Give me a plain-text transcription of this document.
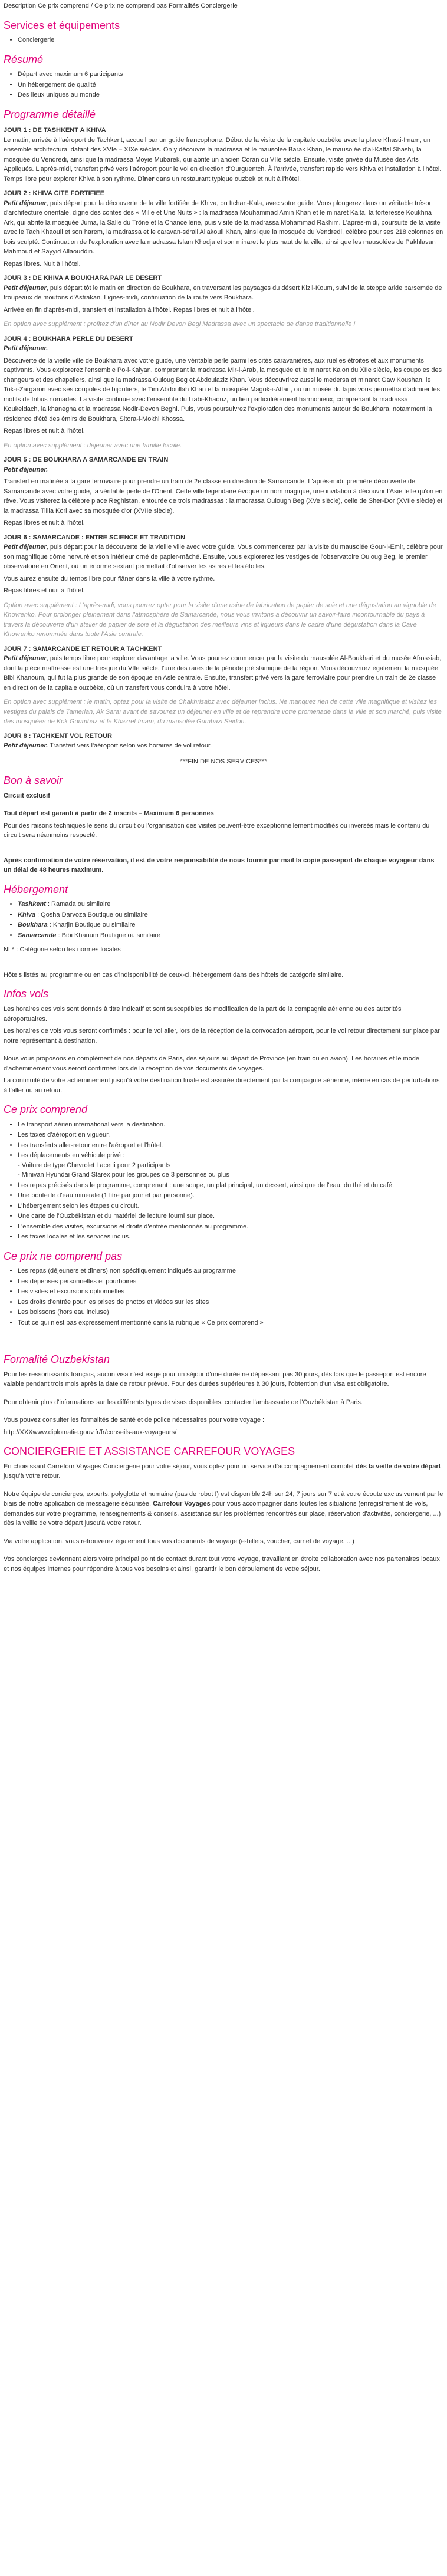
Description Ce prix comprend / Ce prix ne comprend pas Formalités Conciergerie

Services et équipements
• Conciergerie
Résumé
• Départ avec maximum 6 participants
• Un hébergement de qualité
• Des lieux uniques au monde
Programme détaillé

JOUR 1 : DE TASHKENT A KHIVA

Le matin, arrivée à l'aéroport de Tachkent, accueil par un guide francophone. Début de la visite de la capitale ouzbèke avec la place Khasti-Imam, un ensemble architectural datant des XVIe – XIXe siècles. On y découvre la madrassa et le mausolée Barak Khan, le mausolée d'al-Kaffal Shashi, la mosquée du Vendredi, ainsi que la madrassa Moyie Mubarek, qui abrite un ancien Coran du VIIe siècle. Ensuite, visite privée du Musée des Arts Appliqués. L'après-midi, transfert privé vers l'aéroport pour le vol en direction d'Ourguentch. À l'arrivée, transfert rapide vers Khiva et installation à l'hôtel. Temps libre pour explorer Khiva à son rythme. Dîner dans un restaurant typique ouzbek et nuit à l'hôtel.

JOUR 2 : KHIVA CITE FORTIFIEE

Petit déjeuner, puis départ pour la découverte de la ville fortifiée de Khiva, ou Itchan-Kala, avec votre guide. Vous plongerez dans un véritable trésor d'architecture orientale, digne des contes des « Mille et Une Nuits » : la madrassa Mouhammad Amin Khan et le minaret Kalta, la forteresse Koukhna Ark, qui abrite la mosquée Juma, la Salle du Trône et la Chancellerie, puis visite de la madrassa Mohammad Rakhim. L'après-midi, poursuite de la visite avec le Tach Khaouli et son harem, la madrassa et le caravan-sérail Allakouli Khan, ainsi que la mosquée du Vendredi, célèbre pour ses 218 colonnes en bois sculpté. Continuation de l'exploration avec la madrassa Islam Khodja et son minaret le plus haut de la ville, ainsi que les mausolées de Pakhlavan Mahmoud et Sayyid Allaouddin.

Repas libres. Nuit à l'hôtel.

JOUR 3 : DE KHIVA A BOUKHARA PAR LE DESERT

Petit déjeuner, puis départ tôt le matin en direction de Boukhara, en traversant les paysages du désert Kizil-Koum, suivi de la steppe aride parsemée de troupeaux de moutons d'Astrakan. Lignes-midi, continuation de la route vers Boukhara.

Arrivée en fin d'après-midi, transfert et installation à l'hôtel. Repas libres et nuit à l'hôtel.

En option avec supplément : profitez d'un dîner au Nodir Devon Begi Madrassa avec un spectacle de danse traditionnelle !

JOUR 4 : BOUKHARA PERLE DU DESERT

Petit déjeuner.

Découverte de la vieille ville de Boukhara avec votre guide, une véritable perle parmi les cités caravanières, aux ruelles étroites et aux monuments captivants. Vous explorerez l'ensemble Po-i-Kalyan, comprenant la madrassa Mir-i-Arab, la mosquée et le minaret Kalon du XIIe siècle, les coupoles des changeurs et des chapeliers, ainsi que la madrassa Ouloug Beg et Abdoulaziz Khan. Vous découvrirez aussi le medersa et minaret Gaw Koushan, le Tok-i-Zargaron avec ses coupoles de bijoutiers, le Tim Abdoullah Khan et la mosquée Magok-i-Attari, où un musée du tapis vous permettra d'admirer les motifs de tribus nomades. La visite continue avec l'ensemble du Liabi-Khaouz, un lieu particulièrement harmonieux, comprenant la madrassa Koukeldach, la khanegha et la madrassa Nodir-Devon Beghi. Puis, vous poursuivrez l'exploration des monuments autour de Boukhara, notamment la résidence d'été des émirs de Boukhara, Sitora-i-Mokhi Khossa.

Repas libres et nuit à l'hôtel.

En option avec supplément : déjeuner avec une famille locale.

JOUR 5 : DE BOUKHARA A SAMARCANDE EN TRAIN

Petit déjeuner.

Transfert en matinée à la gare ferroviaire pour prendre un train de 2e classe en direction de Samarcande. L'après-midi, première découverte de Samarcande avec votre guide, la véritable perle de l'Orient. Cette ville légendaire évoque un nom magique, une invitation à découvrir l'Asie telle qu'on en rêve. Vous visiterez la célèbre place Reghistan, entourée de trois madrassas : la madrassa Oulough Beg (XVe siècle), celle de Sher-Dor (XVIIe siècle) et la madrassa Tillia Kori avec sa mosquée d'or (XVIIe siècle).

Repas libres et nuit à l'hôtel.

JOUR 6 : SAMARCANDE : ENTRE SCIENCE ET TRADITION

Petit déjeuner, puis départ pour la découverte de la vieille ville avec votre guide. Vous commencerez par la visite du mausolée Gour-i-Emir, célèbre pour son magnifique dôme nervuré et son intérieur orné de papier-mâché. Ensuite, vous explorerez les vestiges de l'observatoire Ouloug Beg, le premier observatoire en Orient, où un énorme sextant permettait d'observer les astres et les étoiles.

Vous aurez ensuite du temps libre pour flâner dans la ville à votre rythme.

Repas libres et nuit à l'hôtel.

Option avec supplément : L'après-midi, vous pourrez opter pour la visite d'une usine de fabrication de papier de soie et une dégustation au vignoble de Khovrenko. Pour prolonger pleinement dans l'atmosphère de Samarcande, nous vous invitons à découvrir un savoir-faire incontournable du pays à travers la découverte d'un atelier de papier de soie et la dégustation des meilleurs vins et liqueurs dans le cadre d'une dégustation dans la Cave Khovrenko renommée dans toute l'Asie centrale.

JOUR 7 : SAMARCANDE ET RETOUR A TACHKENT

Petit déjeuner, puis temps libre pour explorer davantage la ville. Vous pourrez commencer par la visite du mausolée Al-Boukhari et du musée Afrossiab, dont la pièce maîtresse est une fresque du VIIe siècle, l'une des rares de la période préislamique de la région. Vous découvrirez également la mosquée Bibi Khanoum, qui fut la plus grande de son époque en Asie centrale. Ensuite, transfert privé vers la gare ferroviaire pour prendre un train de 2e classe en direction de la capitale ouzbèke, où un transfert vous conduira à votre hôtel.

En option avec supplément : le matin, optez pour la visite de Chakhrisabz avec déjeuner inclus. Ne manquez rien de cette ville magnifique et visitez les vestiges du palais de Tamerlan, Ak Saraï avant de savourez un déjeuner en ville et de reprendre votre promenade dans la ville et son marché, puis visite des mosquées de Kok Goumbaz et le Khazret Imam, du mausolée Gumbazi Seidon.

JOUR 8 : TACHKENT VOL RETOUR

Petit déjeuner. Transfert vers l'aéroport selon vos horaires de vol retour.

***FIN DE NOS SERVICES***

Bon à savoir

Circuit exclusif

Tout départ est garanti à partir de 2 inscrits – Maximum 6 personnes

Pour des raisons techniques le sens du circuit ou l'organisation des visites peuvent-être exceptionnellement modifiés ou inversés mais le contenu du circuit sera néanmoins respecté.

Après confirmation de votre réservation, il est de votre responsabilité de nous fournir par mail la copie passeport de chaque voyageur dans un délai de 48 heures maximum.

Hébergement
• Tashkent : Ramada ou similaire
• Khiva : Qosha Darvoza Boutique ou similaire
• Boukhara : Kharjin Boutique ou similaire
• Samarcande : Bibi Khanum Boutique ou similaire

NL* : Catégorie selon les normes locales

Hôtels listés au programme ou en cas d'indisponibilité de ceux-ci, hébergement dans des hôtels de catégorie similaire.

Infos vols

Les horaires des vols sont donnés à titre indicatif et sont susceptibles de modification de la part de la compagnie aérienne ou des autorités aéroportuaires.

Les horaires de vols vous seront confirmés : pour le vol aller, lors de la réception de la convocation aéroport, pour le vol retour directement sur place par notre représentant à destination.

Nous vous proposons en complément de nos départs de Paris, des séjours au départ de Province (en train ou en avion). Les horaires et le mode d'acheminement vous seront confirmés lors de la réception de vos documents de voyages.

La continuité de votre acheminement jusqu'à votre destination finale est assurée directement par la compagnie aérienne, même en cas de perturbations à l'aller ou au retour.

Ce prix comprend
• Le transport aérien international vers la destination.
• Les taxes d'aéroport en vigueur.
• Les transferts aller-retour entre l'aéroport et l'hôtel.
• Les déplacements en véhicule privé :
- Voiture de type Chevrolet Lacetti pour 2 participants
- Minivan Hyundai Grand Starex pour les groupes de 3 personnes ou plus
• Les repas précisés dans le programme, comprenant : une soupe, un plat principal, un dessert, ainsi que de l'eau, du thé et du café.
• Une bouteille d'eau minérale (1 litre par jour et par personne).
• L'hébergement selon les étapes du circuit.
• Une carte de l'Ouzbékistan et du matériel de lecture fourni sur place.
• L'ensemble des visites, excursions et droits d'entrée mentionnés au programme.
• Les taxes locales et les services inclus.
Ce prix ne comprend pas
• Les repas (déjeuners et dîners) non spécifiquement indiqués au programme
• Les dépenses personnelles et pourboires
• Les visites et excursions optionnelles
• Les droits d'entrée pour les prises de photos et vidéos sur les sites
• Les boissons (hors eau incluse)
• Tout ce qui n'est pas expressément mentionné dans la rubrique « Ce prix comprend »
Formalité Ouzbekistan

Pour les ressortissants français, aucun visa n'est exigé pour un séjour d'une durée ne dépassant pas 30 jours, dès lors que le passeport est encore valable pendant trois mois après la date de retour prévue. Pour des durées supérieures à 30 jours, l'obtention d'un visa est obligatoire.

Pour obtenir plus d'informations sur les différents types de visas disponibles, contacter l'ambassade de l'Ouzbékistan à Paris.

Vous pouvez consulter les formalités de santé et de police nécessaires pour votre voyage :

http://XXXwww.diplomatie.gouv.fr/fr/conseils-aux-voyageurs/

CONCIERGERIE ET ASSISTANCE CARREFOUR VOYAGES

En choisissant Carrefour Voyages Conciergerie pour votre séjour, vous optez pour un service d'accompagnement complet dès la veille de votre départ jusqu'à votre retour.

Notre équipe de concierges, experts, polyglotte et humaine (pas de robot !) est disponible 24h sur 24, 7 jours sur 7 et à votre écoute exclusivement par le biais de notre application de messagerie sécurisée, Carrefour Voyages pour vous accompagner dans toutes les situations (enregistrement de vols, demandes sur votre programme, renseignements & conseils, assistance sur les problèmes rencontrés sur place, réservation d'activités, conciergerie, ...) dès la veille de votre départ jusqu'à votre retour.

Via votre application, vous retrouverez également tous vos documents de voyage (e-billets, voucher, carnet de voyage, ...)

Vos concierges deviennent alors votre principal point de contact durant tout votre voyage, travaillant en étroite collaboration avec nos partenaires locaux et nos équipes internes pour répondre à tous vos besoins et ainsi, garantir le bon déroulement de votre séjour.
